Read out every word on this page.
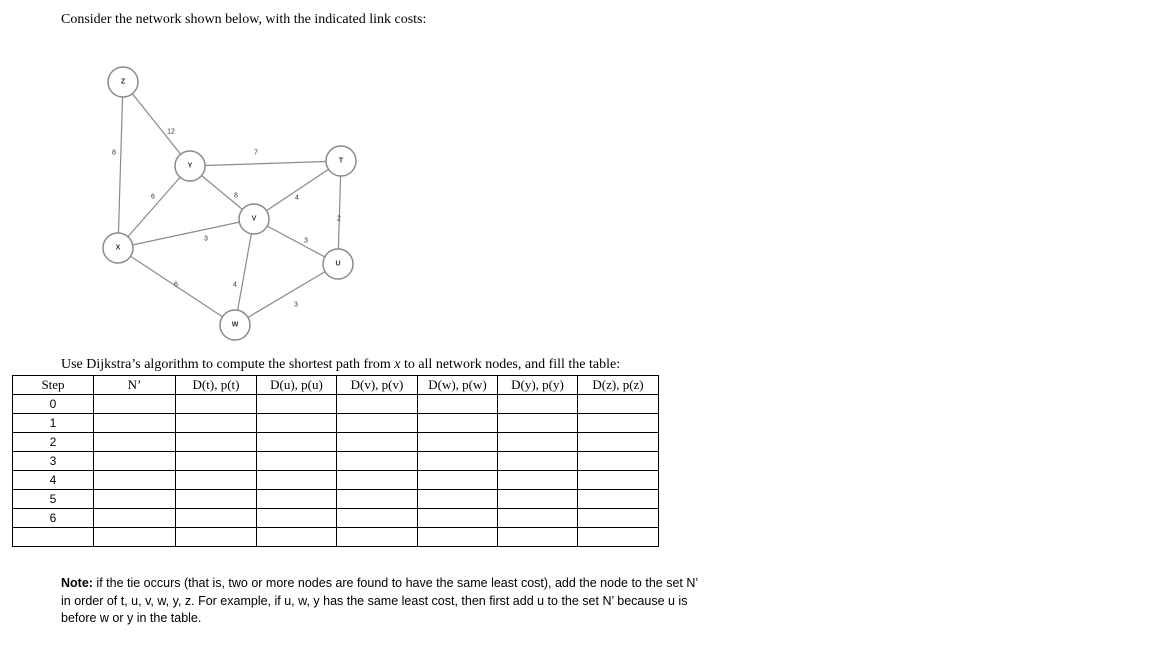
Consider the network shown below, with the indicated link costs:
8
12
7
6	8	4
2
3	3
6	4
3
Z
Y
T
V
X
U
W
Use Dijkstra’s algorithm to compute the shortest path from x to all network nodes, and fill the table:
Step	N’	D(t), p(t)	D(u), p(u)	D(v), p(v)	D(w), p(w)	D(y), p(y)	D(z), p(z)
0							
1							
2							
3							
4							
5							
6							

Note: if the tie occurs (that is, two or more nodes are found to have the same least cost), add the node to the set N’ in order of t, u, v, w, y, z. For example, if u, w, y has the same least cost, then first add u to the set N’ because u is before w or y in the table.
